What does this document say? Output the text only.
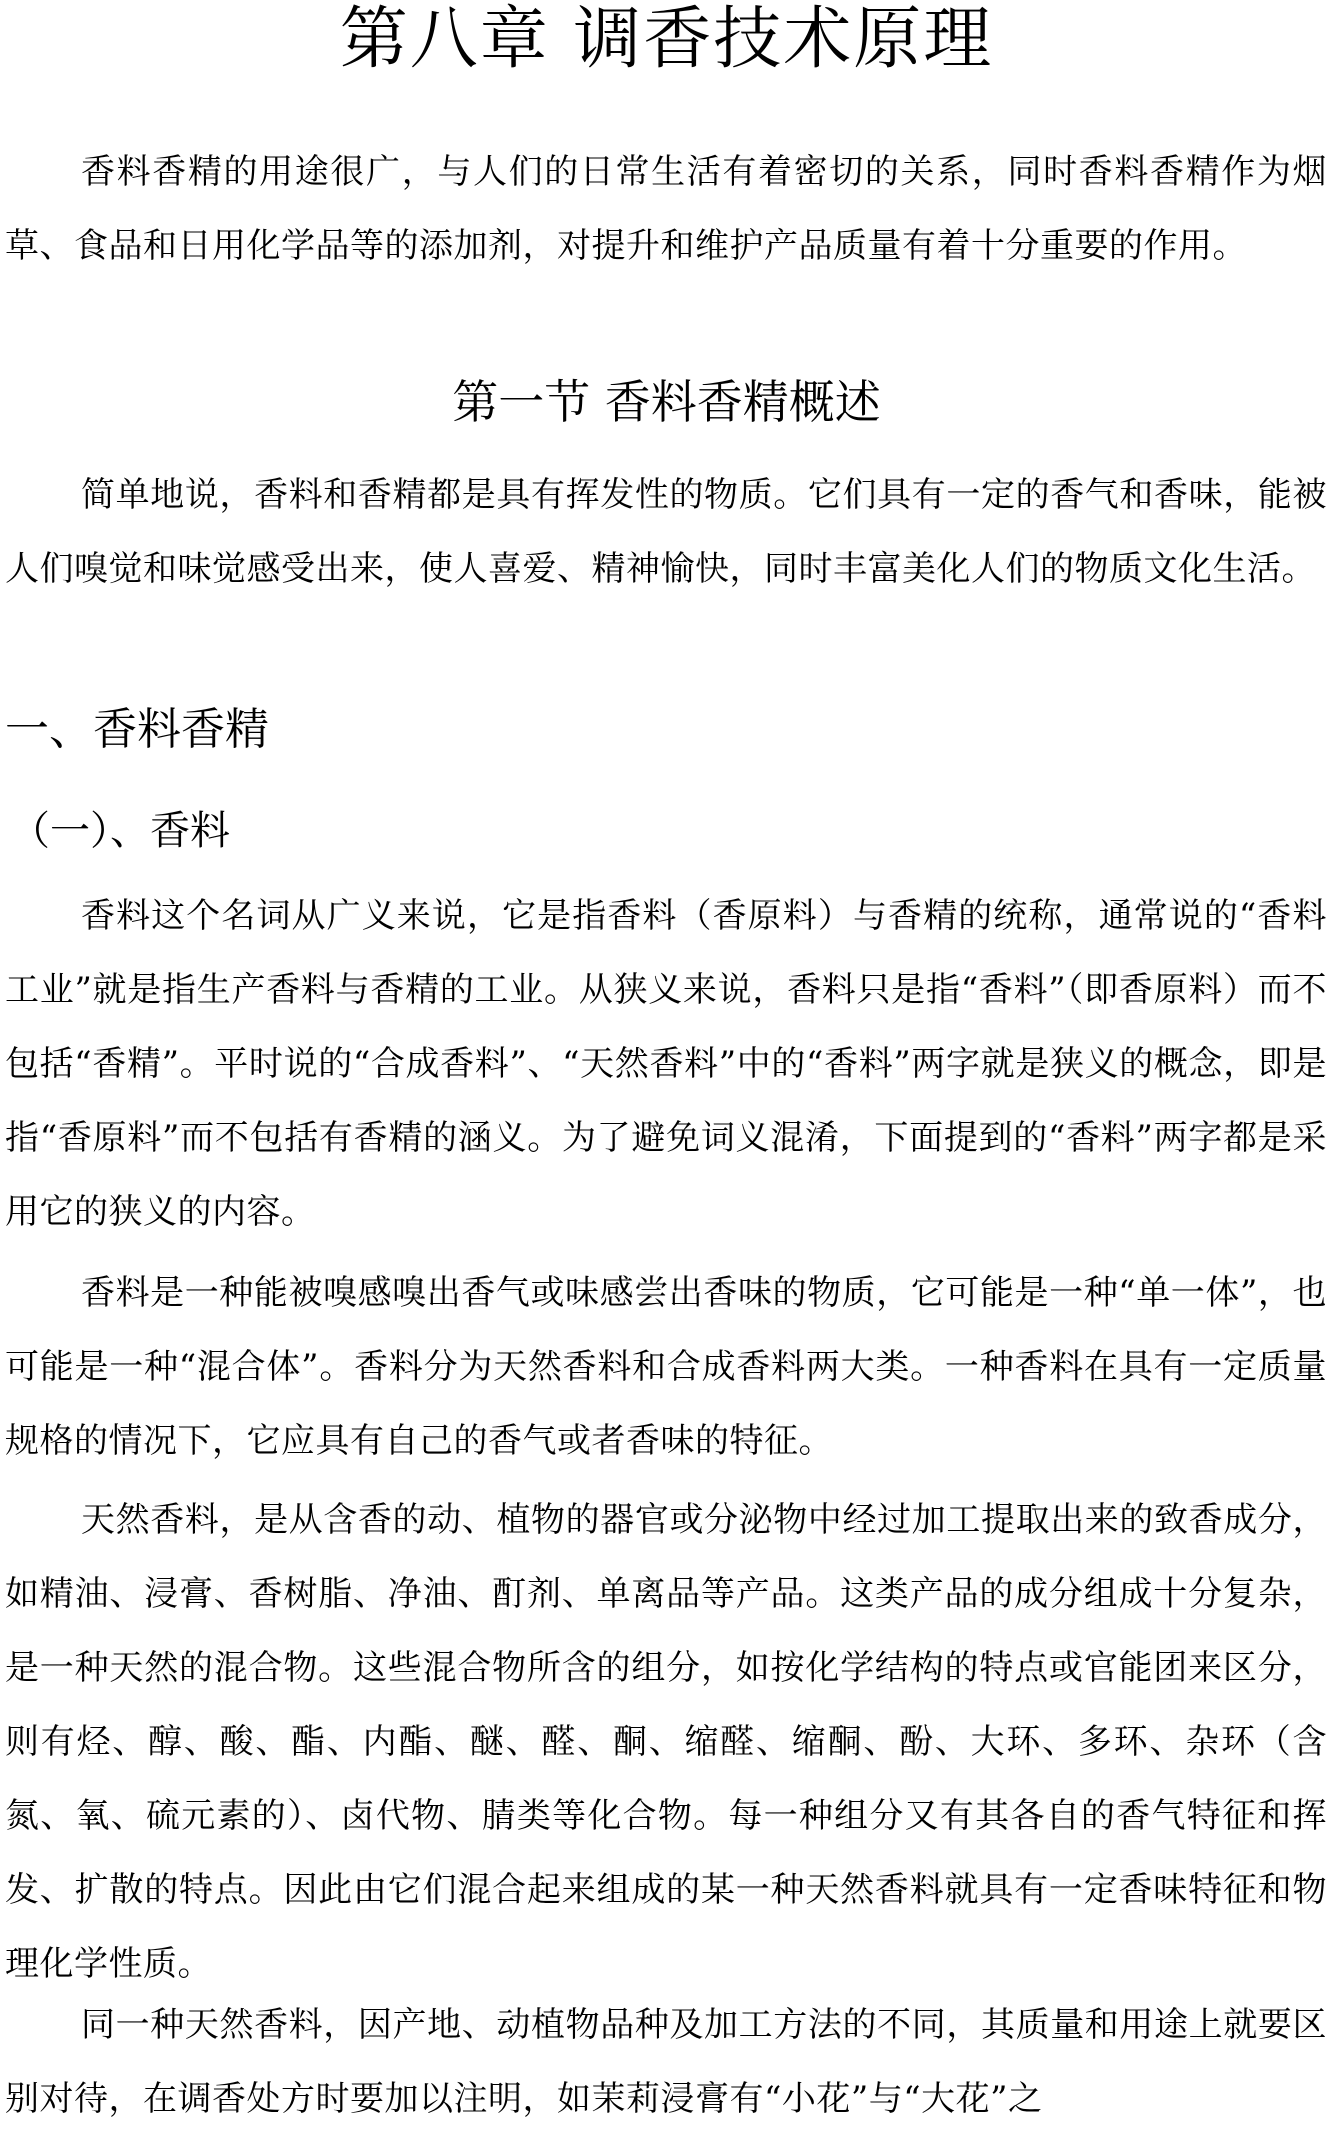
第八章 调香技术原理

香料香精的用途很广，与人们的日常生活有着密切的关系，同时香料香精作为烟草、食品和日用化学品等的添加剂，对提升和维护产品质量有着十分重要的作用。

第一节 香料香精概述

简单地说，香料和香精都是具有挥发性的物质。它们具有一定的香气和香味，能被人们嗅觉和味觉感受出来，使人喜爱、精神愉快，同时丰富美化人们的物质文化生活。

一、香料香精
（一）、香料

香料这个名词从广义来说，它是指香料（香原料）与香精的统称，通常说的“香料工业”就是指生产香料与香精的工业。从狭义来说，香料只是指“香料”（即香原料）而不包括“香精”。平时说的“合成香料”、“天然香料”中的“香料”两字就是狭义的概念，即是指“香原料”而不包括有香精的涵义。为了避免词义混淆，下面提到的“香料”两字都是采用它的狭义的内容。

香料是一种能被嗅感嗅出香气或味感尝出香味的物质，它可能是一种“单一体”，也可能是一种“混合体”。香料分为天然香料和合成香料两大类。一种香料在具有一定质量规格的情况下，它应具有自己的香气或者香味的特征。

天然香料，是从含香的动、植物的器官或分泌物中经过加工提取出来的致香成分，如精油、浸膏、香树脂、净油、酊剂、单离品等产品。这类产品的成分组成十分复杂，是一种天然的混合物。这些混合物所含的组分，如按化学结构的特点或官能团来区分，则有烃、醇、酸、酯、内酯、醚、醛、酮、缩醛、缩酮、酚、大环、多环、杂环（含氮、氧、硫元素的）、卤代物、腈类等化合物。每一种组分又有其各自的香气特征和挥发、扩散的特点。因此由它们混合起来组成的某一种天然香料就具有一定香味特征和物理化学性质。

同一种天然香料，因产地、动植物品种及加工方法的不同，其质量和用途上就要区别对待，在调香处方时要加以注明，如茉莉浸膏有“小花”与“大花”之
